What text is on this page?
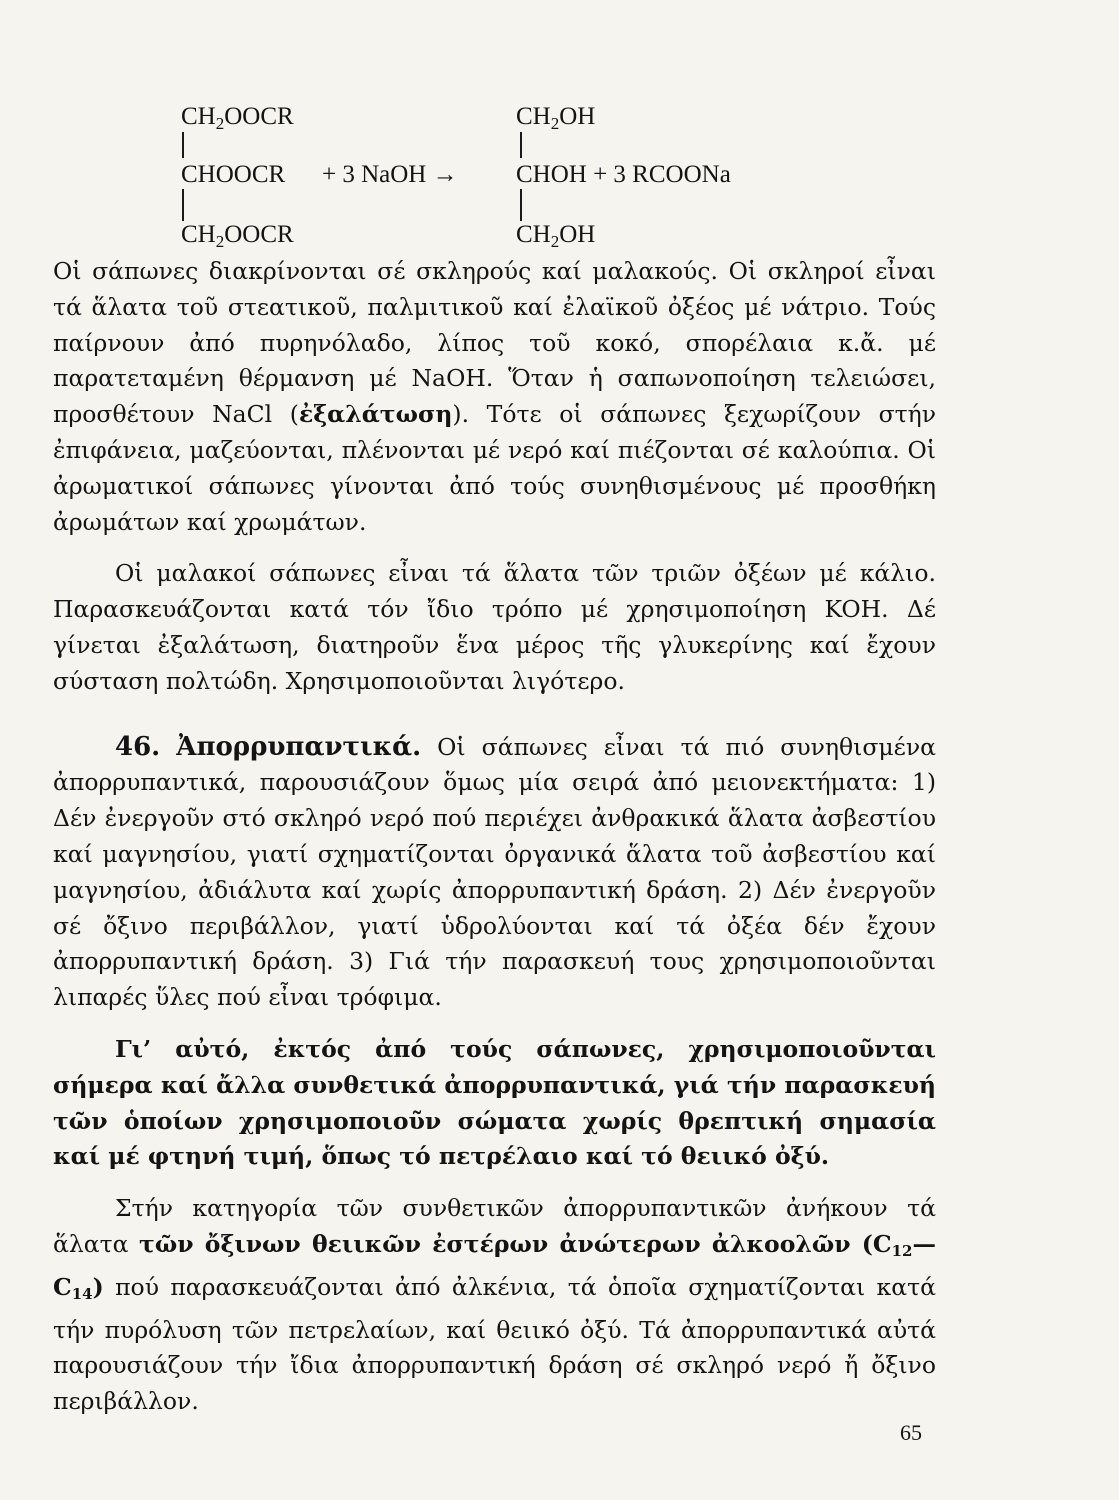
$CH_2OOCR$
CHOOCR
$CH_2OOCR$
+ 3 NaOH →
$CH_2OH$
CHOH + 3 RCOONa
$CH_2OH$

Οἱ σάπωνες διακρίνονται σέ σκληρούς καί μαλακούς. Οἱ σκληροί εἶναι τά ἅλατα τοῦ στεατικοῦ, παλμιτικοῦ καί ἐλαϊκοῦ ὀξέος μέ νάτριο. Τούς παίρνουν ἀπό πυρηνόλαδο, λίπος τοῦ κοκό, σπορέλαια κ.ἄ. μέ παρατεταμένη θέρμανση μέ NaOH. Ὅταν ἡ σαπωνοποίηση τελειώσει, προσθέτουν NaCl (ἐξαλάτωση). Τότε οἱ σάπωνες ξεχωρίζουν στήν ἐπιφάνεια, μαζεύονται, πλένονται μέ νερό καί πιέζονται σέ καλούπια. Οἱ ἀρωματικοί σάπωνες γίνονται ἀπό τούς συνηθισμένους μέ προσθήκη ἀρωμάτων καί χρωμάτων.

Οἱ μαλακοί σάπωνες εἶναι τά ἅλατα τῶν τριῶν ὀξέων μέ κάλιο. Παρασκευάζονται κατά τόν ἴδιο τρόπο μέ χρησιμοποίηση KOH. Δέ γίνεται ἐξαλάτωση, διατηροῦν ἕνα μέρος τῆς γλυκερίνης καί ἔχουν σύσταση πολτώδη. Χρησιμοποιοῦνται λιγότερο.

46. Ἀπορρυπαντικά. Οἱ σάπωνες εἶναι τά πιό συνηθισμένα ἀπορρυπαντικά, παρουσιάζουν ὅμως μία σειρά ἀπό μειονεκτήματα: 1) Δέν ἐνεργοῦν στό σκληρό νερό πού περιέχει ἀνθρακικά ἅλατα ἀσβεστίου καί μαγνησίου, γιατί σχηματίζονται ὀργανικά ἅλατα τοῦ ἀσβεστίου καί μαγνησίου, ἀδιάλυτα καί χωρίς ἀπορρυπαντική δράση. 2) Δέν ἐνεργοῦν σέ ὄξινο περιβάλλον, γιατί ὑδρολύονται καί τά ὀξέα δέν ἔχουν ἀπορρυπαντική δράση. 3) Γιά τήν παρασκευή τους χρησιμοποιοῦνται λιπαρές ὕλες πού εἶναι τρόφιμα.

Γι’ αὐτό, ἐκτός ἀπό τούς σάπωνες, χρησιμοποιοῦνται σήμερα καί ἄλλα συνθετικά ἀπορρυπαντικά, γιά τήν παρασκευή τῶν ὁποίων χρησιμοποιοῦν σώματα χωρίς θρεπτική σημασία καί μέ φτηνή τιμή, ὅπως τό πετρέλαιο καί τό θειικό ὀξύ.

Στήν κατηγορία τῶν συνθετικῶν ἀπορρυπαντικῶν ἀνήκουν τά ἅλατα τῶν ὄξινων θειικῶν ἐστέρων ἀνώτερων ἀλκοολῶν $(C_{12}—C_{14})$ πού παρασκευάζονται ἀπό ἀλκένια, τά ὁποῖα σχηματίζονται κατά τήν πυρόλυση τῶν πετρελαίων, καί θειικό ὀξύ. Τά ἀπορρυπαντικά αὐτά παρουσιάζουν τήν ἴδια ἀπορρυπαντική δράση σέ σκληρό νερό ἤ ὄξινο περιβάλλον.

65
